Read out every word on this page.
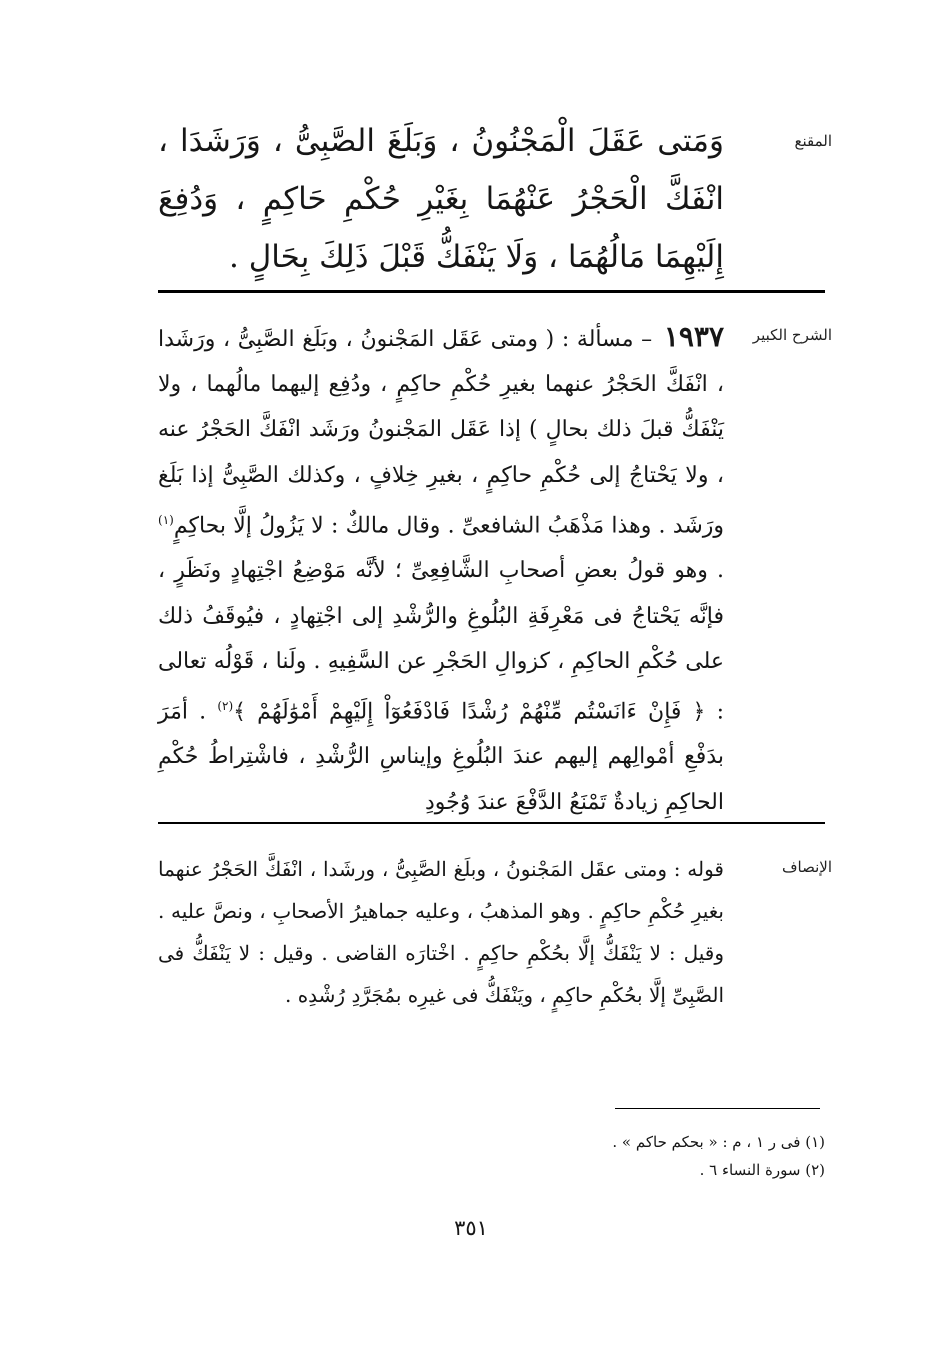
المقنع

وَمَتى عَقَلَ الْمَجْنُونُ ، وَبَلَغَ الصَّبِىُّ ، وَرَشَدَا ، انْفَكَّ الْحَجْرُ عَنْهُمَا بِغَيْرِ حُكْمِ حَاكِمٍ ، وَدُفِعَ إِلَيْهِمَا مَالُهُمَا ، وَلَا يَنْفَكُّ قَبْلَ ذَلِكَ بِحَالٍ .

الشرح الكبير

١٩٣٧ – مسألة : ( ومتى عَقَل المَجْنونُ ، وبَلَغ الصَّبِىُّ ، ورَشَدا ، انْفَكَّ الحَجْرُ عنهما بغيرِ حُكْمِ حاكِمٍ ، ودُفِع إليهما مالُهما ، ولا يَنْفَكُّ قبلَ ذلك بحالٍ ) إذا عَقَل المَجْنونُ ورَشَد انْفَكَّ الحَجْرُ عنه ، ولا يَحْتاجُ إلى حُكْمِ حاكِمٍ ، بغيرِ خِلافٍ ، وكذلك الصَّبِىُّ إذا بَلَغ ورَشَد . وهذا مَذْهَبُ الشافعىِّ . وقال مالكٌ : لا يَزُولُ إلَّا بحاكِمٍ$^{(١)}$ . وهو قولُ بعضِ أصحابِ الشَّافِعِىِّ ؛ لأنَّه مَوْضِعُ اجْتِهادٍ ونَظَرٍ ، فإنَّه يَحْتاجُ فى مَعْرِفَةِ البُلُوغِ والرُّشْدِ إلى اجْتِهادٍ ، فيُوقَفُ ذلك على حُكْمِ الحاكِمِ ، كزوالِ الحَجْرِ عن السَّفِيهِ . ولَنا ، قَوْلُه تعالى : ﴿ فَإِنْ ءَانَسْتُم مِّنْهُمْ رُشْدًا فَادْفَعُوٓاْ إِلَيْهِمْ أَمْوَٰلَهُمْ ﴾$^{(٢)}$ . أمَرَ بدَفْعِ أمْوالِهم إليهم عندَ البُلُوغِ وإيناسِ الرُّشْدِ ، فاشْتِراطُ حُكْمِ الحاكِمِ زيادةٌ تَمْنَعُ الدَّفْعَ عندَ وُجُودِ

الإنصاف

قوله : ومتى عقَل المَجْنونُ ، وبلَغ الصَّبِىُّ ، ورشَدا ، انْفَكَّ الحَجْرُ عنهما بغيرِ حُكْمِ حاكِمٍ . وهو المذهبُ ، وعليه جماهيرُ الأصحابِ ، ونصَّ عليه . وقيل : لا يَنْفَكُّ إلَّا بحُكْمِ حاكِمٍ . اخْتارَه القاضى . وقيل : لا يَنْفَكُّ فى الصَّبِىِّ إلَّا بحُكْمِ حاكِمٍ ، ويَنْفَكُّ فى غيرِه بمُجَرَّدِ رُشْدِه .

(١) فى ر ١ ، م : « بحكم حاكم » .

(٢) سورة النساء ٦ .

٣٥١
